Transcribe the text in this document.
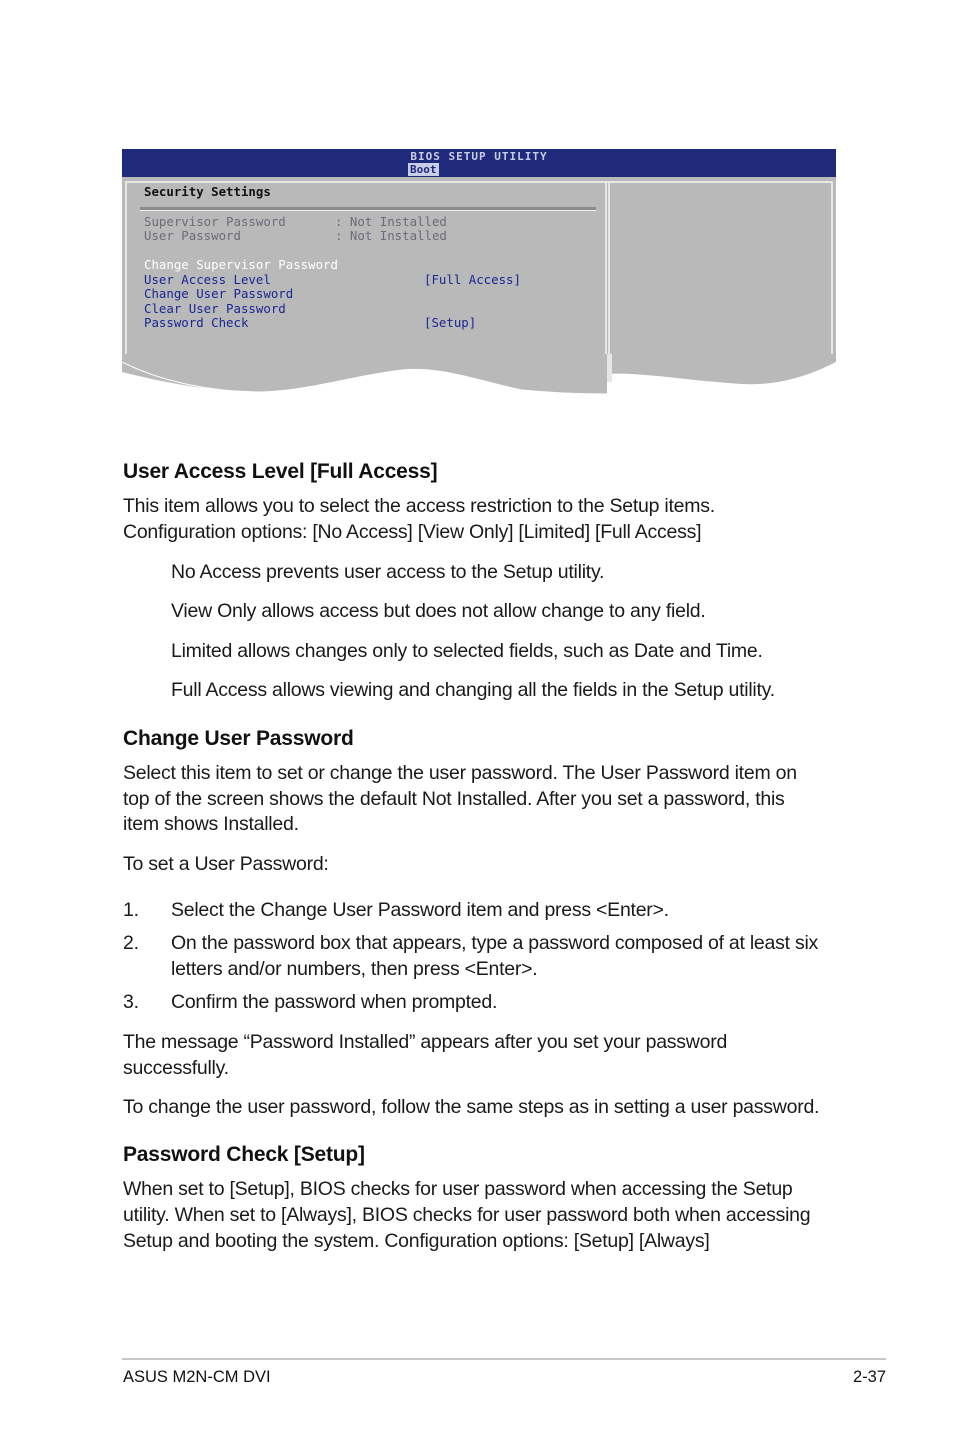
BIOS SETUP UTILITY
Boot
Security Settings
Supervisor Password	: Not Installed
User Password	: Not Installed
Change Supervisor Password
User Access Level	[Full Access]
Change User Password
Clear User Password
Password Check	[Setup]
User Access Level [Full Access]
This item allows you to select the access restriction to the Setup items.
Configuration options: [No Access] [View Only] [Limited] [Full Access]
No Access prevents user access to the Setup utility.
View Only allows access but does not allow change to any field.
Limited allows changes only to selected fields, such as Date and Time.
Full Access allows viewing and changing all the fields in the Setup utility.
Change User Password
Select this item to set or change the user password. The User Password item on
top of the screen shows the default Not Installed. After you set a password, this
item shows Installed.
To set a User Password:
1. Select the Change User Password item and press <Enter>.
2. On the password box that appears, type a password composed of at least six
letters and/or numbers, then press <Enter>.
3. Confirm the password when prompted.
The message “Password Installed” appears after you set your password
successfully.
To change the user password, follow the same steps as in setting a user password.
Password Check [Setup]
When set to [Setup], BIOS checks for user password when accessing the Setup
utility. When set to [Always], BIOS checks for user password both when accessing
Setup and booting the system. Configuration options: [Setup] [Always]
ASUS M2N-CM DVI	2-37
